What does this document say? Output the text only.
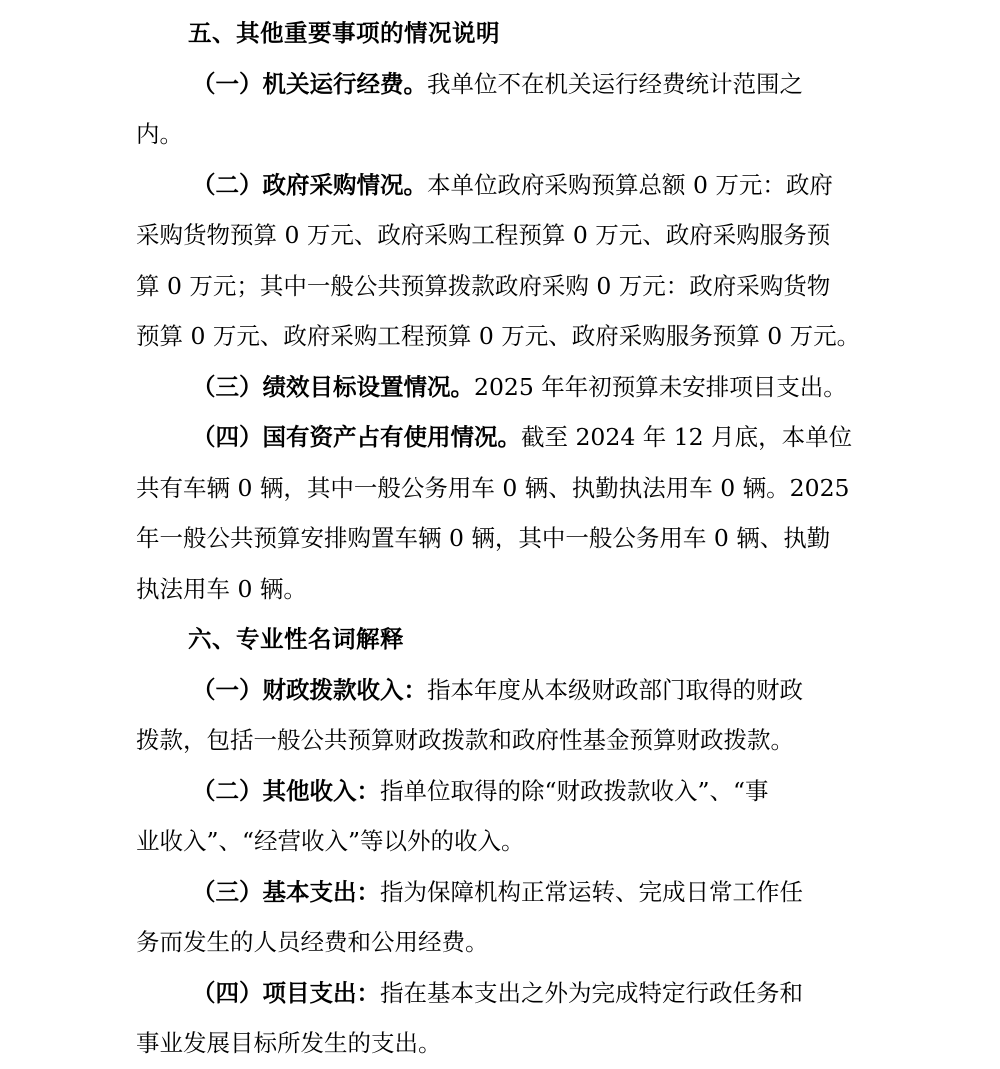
五、其他重要事项的情况说明

（一）机关运行经费。我单位不在机关运行经费统计范围之

内。

（二）政府采购情况。本单位政府采购预算总额 0 万元：政府

采购货物预算 0 万元、政府采购工程预算 0 万元、政府采购服务预
算 0 万元；其中一般公共预算拨款政府采购 0 万元：政府采购货物
预算 0 万元、政府采购工程预算 0 万元、政府采购服务预算 0 万元。

（三）绩效目标设置情况。2025 年年初预算未安排项目支出。

（四）国有资产占有使用情况。截至 2024 年 12 月底，本单位

共有车辆 0 辆，其中一般公务用车 0 辆、执勤执法用车 0 辆。2025
年一般公共预算安排购置车辆 0 辆，其中一般公务用车 0 辆、执勤
执法用车 0 辆。

六、专业性名词解释

（一）财政拨款收入：指本年度从本级财政部门取得的财政

拨款，包括一般公共预算财政拨款和政府性基金预算财政拨款。

（二）其他收入：指单位取得的除“财政拨款收入”、“事

业收入”、“经营收入”等以外的收入。

（三）基本支出：指为保障机构正常运转、完成日常工作任

务而发生的人员经费和公用经费。

（四）项目支出：指在基本支出之外为完成特定行政任务和

事业发展目标所发生的支出。
